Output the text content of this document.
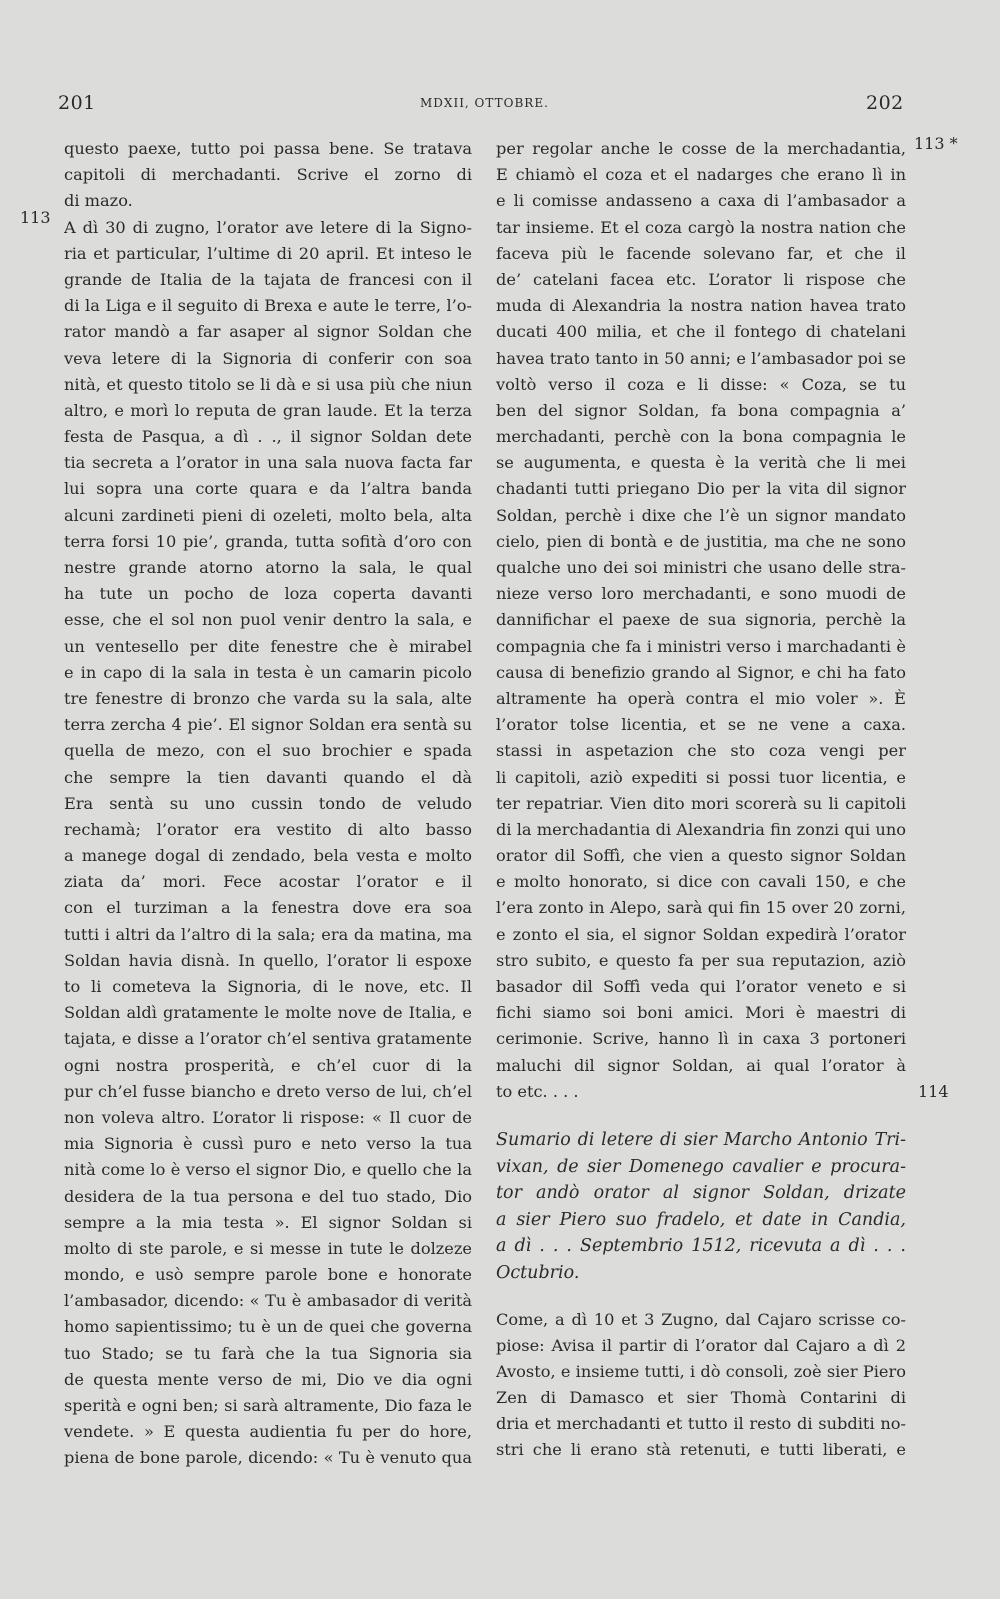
201	MDXII, OTTOBRE.	202
113
113 *
114
questo paexe, tutto poi passa bene. Se tratava
capitoli di merchadanti. Scrive el zorno di
di mazo.
A dì 30 di zugno, l’orator ave letere di la Signo-
ria et particular, l’ultime di 20 april. Et inteso le
grande de Italia de la tajata de francesi con il
di la Liga e il seguito di Brexa e aute le terre, l’o-
rator mandò a far asaper al signor Soldan che
veva letere di la Signoria di conferir con soa
nità, et questo titolo se li dà e si usa più che niun
altro, e morì lo reputa de gran laude. Et la terza
festa de Pasqua, a dì . ., il signor Soldan dete
tia secreta a l’orator in una sala nuova facta far
lui sopra una corte quara e da l’altra banda
alcuni zardineti pieni di ozeleti, molto bela, alta
terra forsi 10 pie’, granda, tutta sofità d’oro con
nestre grande atorno atorno la sala, le qual
ha tute un pocho de loza coperta davanti
esse, che el sol non puol venir dentro la sala, e
un ventesello per dite fenestre che è mirabel
e in capo di la sala in testa è un camarin picolo
tre fenestre di bronzo che varda su la sala, alte
terra zercha 4 pie’. El signor Soldan era sentà su
quella de mezo, con el suo brochier e spada
che sempre la tien davanti quando el dà
Era sentà su uno cussin tondo de veludo
rechamà; l’orator era vestito di alto basso
a manege dogal di zendado, bela vesta e molto
ziata da’ mori. Fece acostar l’orator e il
con el turziman a la fenestra dove era soa
tutti i altri da l’altro di la sala; era da matina, ma
Soldan havia disnà. In quello, l’orator li espoxe
to li cometeva la Signoria, di le nove, etc. Il
Soldan aldì gratamente le molte nove de Italia, e
tajata, e disse a l’orator ch’el sentiva gratamente
ogni nostra prosperità, e ch’el cuor di la
pur ch’el fusse biancho e dreto verso de lui, ch’el
non voleva altro. L’orator li rispose: « Il cuor de
mia Signoria è cussì puro e neto verso la tua
nità come lo è verso el signor Dio, e quello che la
desidera de la tua persona e del tuo stado, Dio
sempre a la mia testa ». El signor Soldan si
molto di ste parole, e si messe in tute le dolzeze
mondo, e usò sempre parole bone e honorate
l’ambasador, dicendo: « Tu è ambasador di verità
homo sapientissimo; tu è un de quei che governa
tuo Stado; se tu farà che la tua Signoria sia
de questa mente verso de mi, Dio ve dia ogni
sperità e ogni ben; si sarà altramente, Dio faza le
vendete. » E questa audientia fu per do hore,
piena de bone parole, dicendo: « Tu è venuto qua
per regolar anche le cosse de la merchadantia,
E chiamò el coza et el nadarges che erano lì in
e li comisse andasseno a caxa di l’ambasador a
tar insieme. Et el coza cargò la nostra nation che
faceva più le facende solevano far, et che il
de’ catelani facea etc. L’orator li rispose che
muda di Alexandria la nostra nation havea trato
ducati 400 milia, et che il fontego di chatelani
havea trato tanto in 50 anni; e l’ambasador poi se
voltò verso il coza e li disse: « Coza, se tu
ben del signor Soldan, fa bona compagnia a’
merchadanti, perchè con la bona compagnia le
se augumenta, e questa è la verità che li mei
chadanti tutti priegano Dio per la vita dil signor
Soldan, perchè i dixe che l’è un signor mandato
cielo, pien di bontà e de justitia, ma che ne sono
qualche uno dei soi ministri che usano delle stra-
nieze verso loro merchadanti, e sono muodi de
dannifichar el paexe de sua signoria, perchè la
compagnia che fa i ministri verso i marchadanti è
causa di benefizio grando al Signor, e chi ha fato
altramente ha operà contra el mio voler ». È
l’orator tolse licentia, et se ne vene a caxa.
stassi in aspetazion che sto coza vengi per
li capitoli, aziò expediti si possi tuor licentia, e
ter repatriar. Vien dito mori scorerà su li capitoli
di la merchadantia di Alexandria fin zonzi qui uno
orator dil Soffì, che vien a questo signor Soldan
e molto honorato, si dice con cavali 150, e che
l’era zonto in Alepo, sarà qui fin 15 over 20 zorni,
e zonto el sia, el signor Soldan expedirà l’orator
stro subito, e questo fa per sua reputazion, aziò
basador dil Soffì veda qui l’orator veneto e si
fichi siamo soi boni amici. Mori è maestri di
cerimonie. Scrive, hanno lì in caxa 3 portoneri
maluchi dil signor Soldan, ai qual l’orator à
to etc. . . .
Sumario di letere di sier Marcho Antonio Tri-
vixan, de sier Domenego cavalier e procura-
tor andò orator al signor Soldan, drizate
a sier Piero suo fradelo, et date in Candia,
a dì . . . Septembrio 1512, ricevuta a dì . . .
Octubrio.
Come, a dì 10 et 3 Zugno, dal Cajaro scrisse co-
piose: Avisa il partir di l’orator dal Cajaro a dì 2
Avosto, e insieme tutti, i dò consoli, zoè sier Piero
Zen di Damasco et sier Thomà Contarini di
dria et merchadanti et tutto il resto di subditi no-
stri che li erano stà retenuti, e tutti liberati, e
